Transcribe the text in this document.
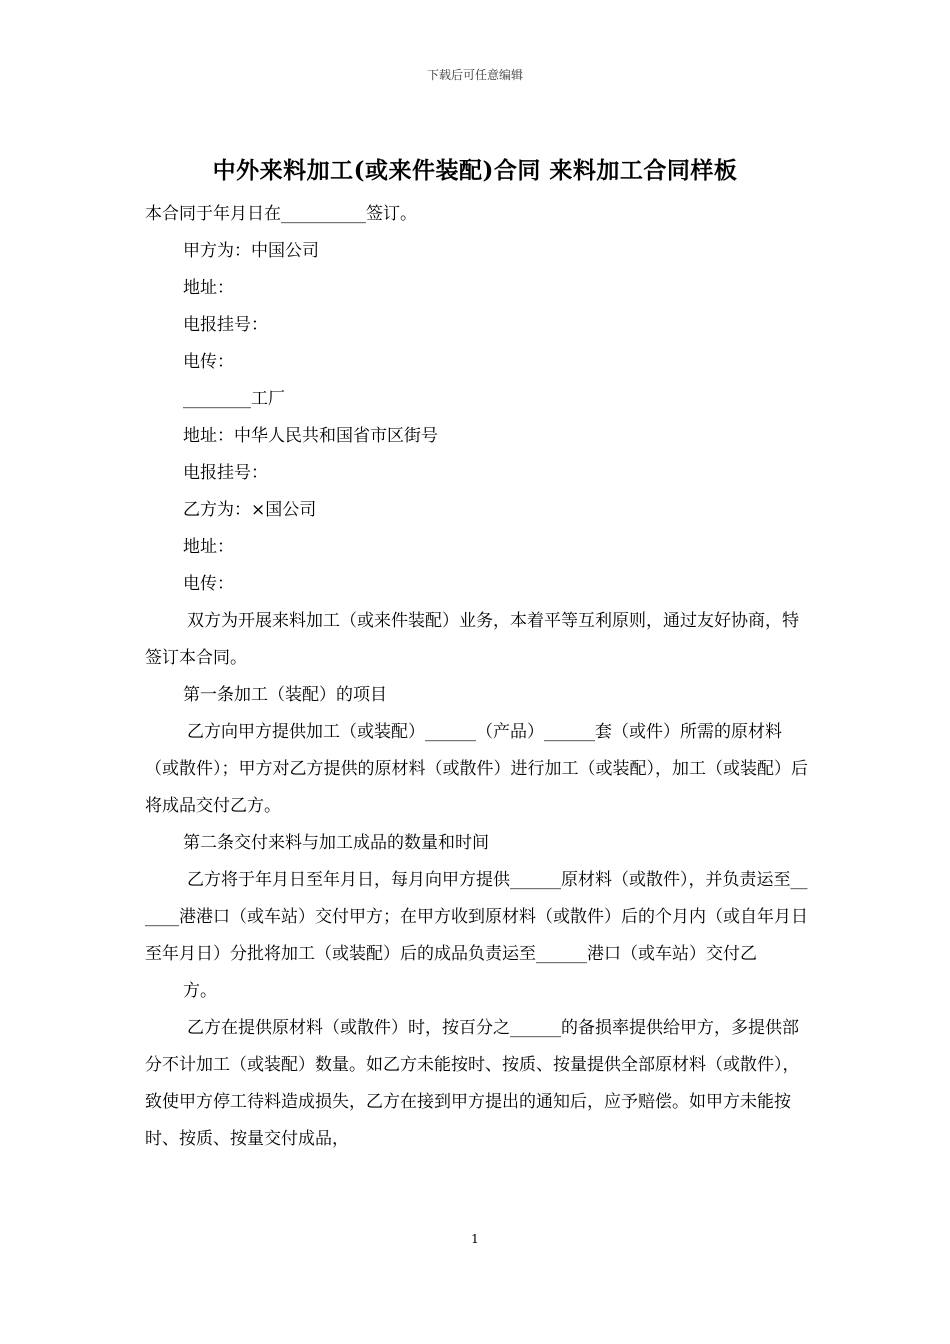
下载后可任意编辑
中外来料加工(或来件装配)合同 来料加工合同样板

本合同于年月日在__________签订。

甲方为：中国公司

地址：

电报挂号：

电传：

________工厂

地址：中华人民共和国省市区街号

电报挂号：

乙方为：×国公司

地址：

电传：

双方为开展来料加工（或来件装配）业务，本着平等互利原则，通过友好协商，特签订本合同。

第一条加工（装配）的项目

乙方向甲方提供加工（或装配）______（产品）______套（或件）所需的原材料（或散件）；甲方对乙方提供的原材料（或散件）进行加工（或装配），加工（或装配）后将成品交付乙方。

第二条交付来料与加工成品的数量和时间

乙方将于年月日至年月日，每月向甲方提供______原材料（或散件），并负责运至______港港口（或车站）交付甲方；在甲方收到原材料（或散件）后的个月内（或自年月日至年月日）分批将加工（或装配）后的成品负责运至______港口（或车站）交付乙

方。

乙方在提供原材料（或散件）时，按百分之______的备损率提供给甲方，多提供部分不计加工（或装配）数量。如乙方未能按时、按质、按量提供全部原材料（或散件），致使甲方停工待料造成损失，乙方在接到甲方提出的通知后，应予赔偿。如甲方未能按时、按质、按量交付成品，

1
